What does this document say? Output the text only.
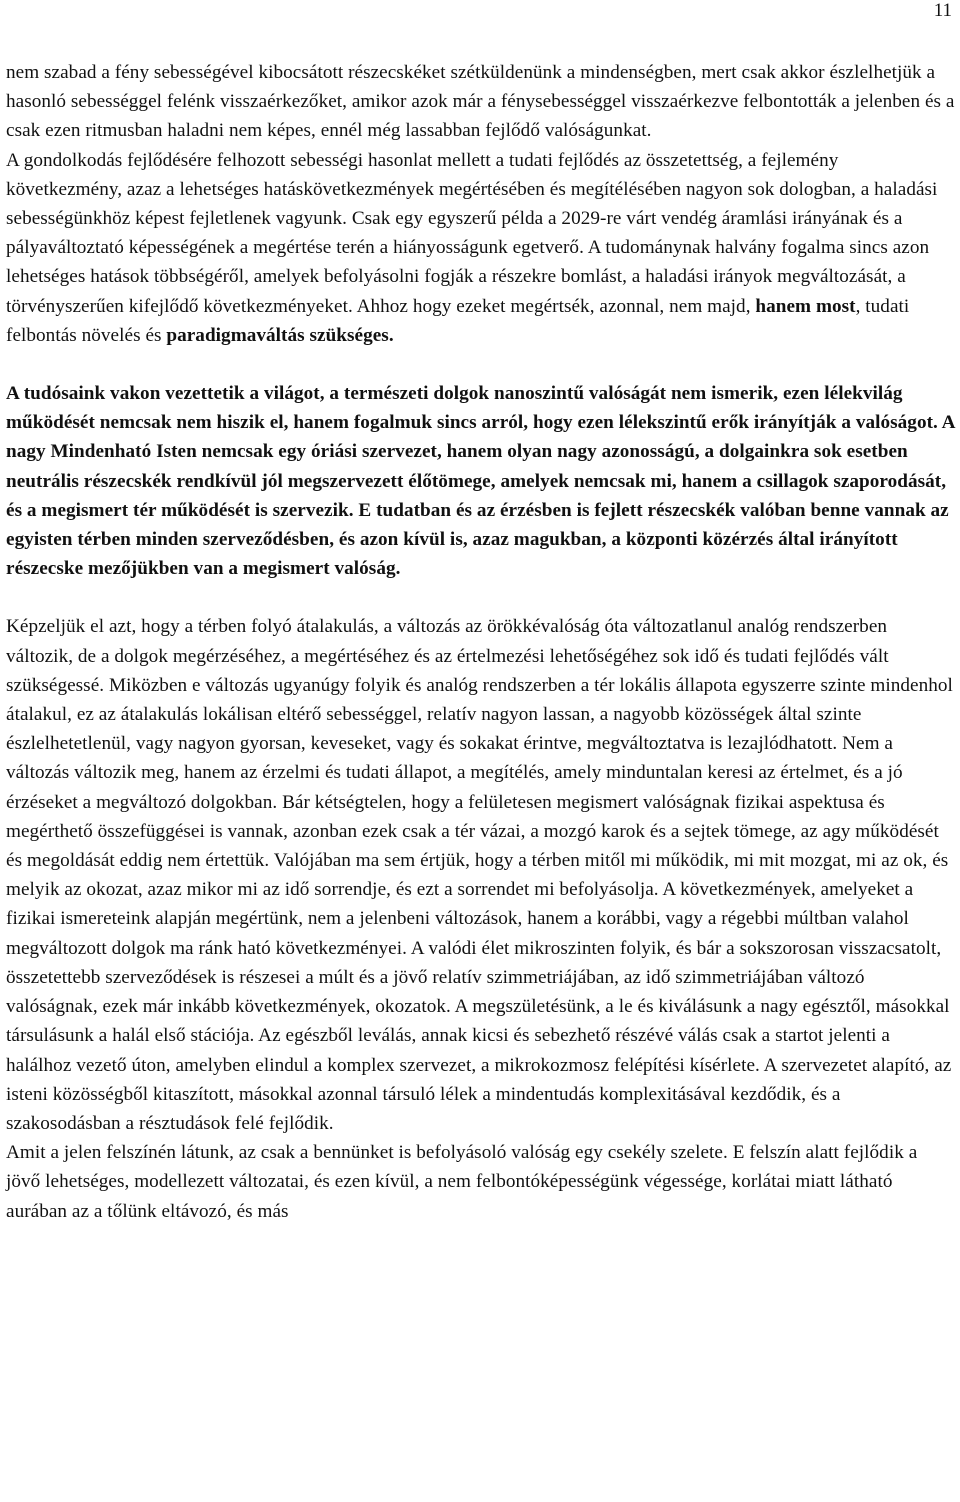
11

nem szabad a fény sebességével kibocsátott részecskéket szétküldenünk a mindenségben, mert csak akkor észlelhetjük a hasonló sebességgel felénk visszaérkezőket, amikor azok már a fénysebességgel visszaérkezve felbontották a jelenben és a csak ezen ritmusban haladni nem képes, ennél még lassabban fejlődő valóságunkat.

A gondolkodás fejlődésére felhozott sebességi hasonlat mellett a tudati fejlődés az összetettség, a fejlemény következmény, azaz a lehetséges hatáskövetkezmények megértésében és megítélésében nagyon sok dologban, a haladási sebességünkhöz képest fejletlenek vagyunk. Csak egy egyszerű példa a 2029-re várt vendég áramlási irányának és a pályaváltoztató képességének a megértése terén a hiányosságunk egetverő. A tudománynak halvány fogalma sincs azon lehetséges hatások többségéről, amelyek befolyásolni fogják a részekre bomlást, a haladási irányok megváltozását, a törvényszerűen kifejlődő következményeket. Ahhoz hogy ezeket megértsék, azonnal, nem majd, hanem most, tudati felbontás növelés és paradigmaváltás szükséges.

A tudósaink vakon vezettetik a világot, a természeti dolgok nanoszintű valóságát nem ismerik, ezen lélekvilág működését nemcsak nem hiszik el, hanem fogalmuk sincs arról, hogy ezen lélekszintű erők irányítják a valóságot. A nagy Mindenható Isten nemcsak egy óriási szervezet, hanem olyan nagy azonosságú, a dolgainkra sok esetben neutrális részecskék rendkívül jól megszervezett élőtömege, amelyek nemcsak mi, hanem a csillagok szaporodását, és a megismert tér működését is szervezik. E tudatban és az érzésben is fejlett részecskék valóban benne vannak az egyisten térben minden szerveződésben, és azon kívül is, azaz magukban, a központi közérzés által irányított részecske mezőjükben van a megismert valóság.

Képzeljük el azt, hogy a térben folyó átalakulás, a változás az örökkévalóság óta változatlanul analóg rendszerben változik, de a dolgok megérzéséhez, a megértéséhez és az értelmezési lehetőségéhez sok idő és tudati fejlődés vált szükségessé. Miközben e változás ugyanúgy folyik és analóg rendszerben a tér lokális állapota egyszerre szinte mindenhol átalakul, ez az átalakulás lokálisan eltérő sebességgel, relatív nagyon lassan, a nagyobb közösségek által szinte észlelhetetlenül, vagy nagyon gyorsan, keveseket, vagy és sokakat érintve, megváltoztatva is lezajlódhatott. Nem a változás változik meg, hanem az érzelmi és tudati állapot, a megítélés, amely minduntalan keresi az értelmet, és a jó érzéseket a megváltozó dolgokban. Bár kétségtelen, hogy a felületesen megismert valóságnak fizikai aspektusa és megérthető összefüggései is vannak, azonban ezek csak a tér vázai, a mozgó karok és a sejtek tömege, az agy működését és megoldását eddig nem értettük. Valójában ma sem értjük, hogy a térben mitől mi működik, mi mit mozgat, mi az ok, és melyik az okozat, azaz mikor mi az idő sorrendje, és ezt a sorrendet mi befolyásolja. A következmények, amelyeket a fizikai ismereteink alapján megértünk, nem a jelenbeni változások, hanem a korábbi, vagy a régebbi múltban valahol megváltozott dolgok ma ránk ható következményei. A valódi élet mikroszinten folyik, és bár a sokszorosan visszacsatolt, összetettebb szerveződések is részesei a múlt és a jövő relatív szimmetriájában, az idő szimmetriájában változó valóságnak, ezek már inkább következmények, okozatok. A megszületésünk, a le és kiválásunk a nagy egésztől, másokkal társulásunk a halál első stációja. Az egészből leválás, annak kicsi és sebezhető részévé válás csak a startot jelenti a halálhoz vezető úton, amelyben elindul a komplex szervezet, a mikrokozmosz felépítési kísérlete. A szervezetet alapító, az isteni közösségből kitaszított, másokkal azonnal társuló lélek a mindentudás komplexitásával kezdődik, és a szakosodásban a résztudások felé fejlődik.

Amit a jelen felszínén látunk, az csak a bennünket is befolyásoló valóság egy csekély szelete. E felszín alatt fejlődik a jövő lehetséges, modellezett változatai, és ezen kívül, a nem felbontóképességünk végessége, korlátai miatt látható aurában az a tőlünk eltávozó, és más
